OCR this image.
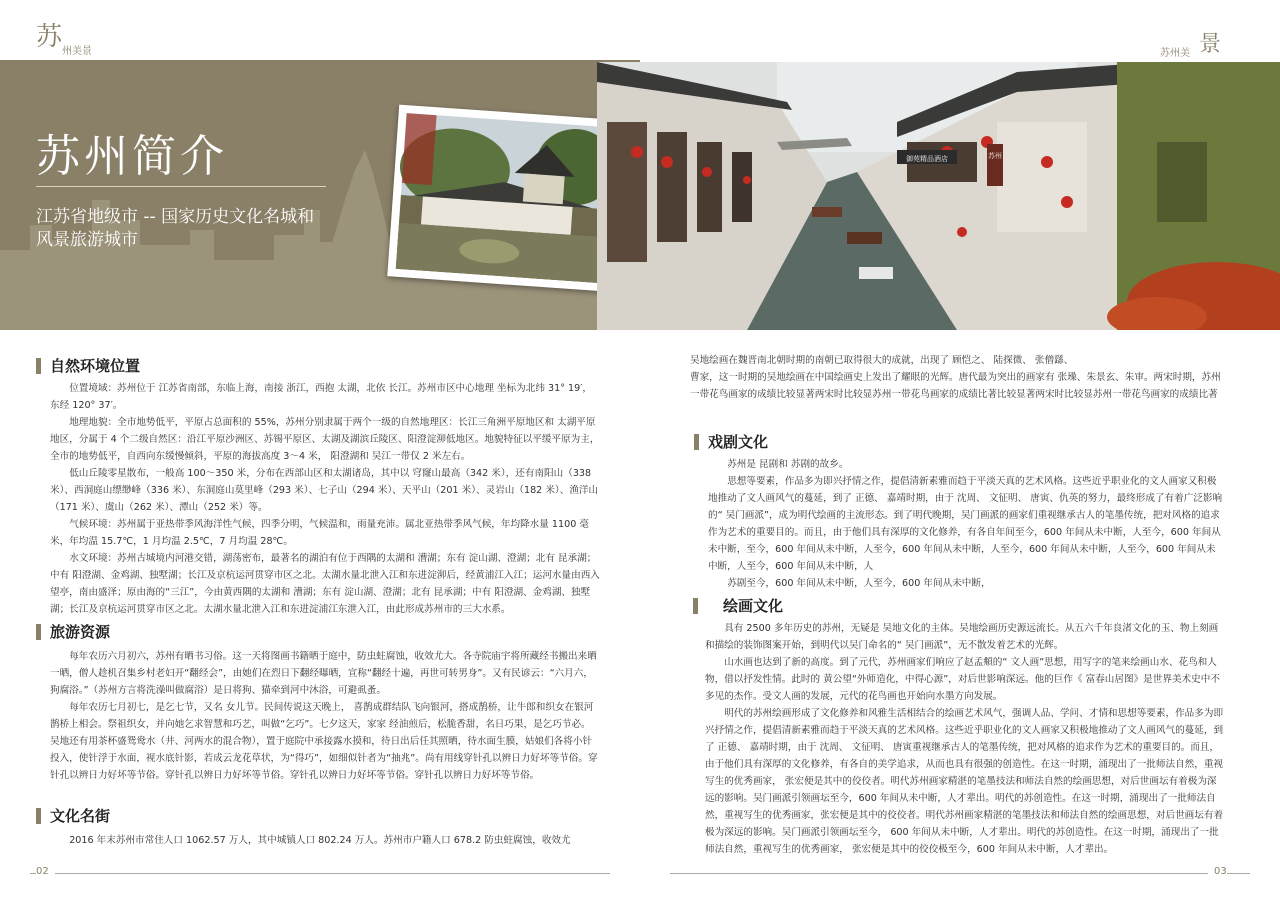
苏 州美景	苏州美 景
苏州简介
江苏省地级市 -- 国家历史文化名城和风景旅游城市
御苑精品酒店	苏州
自然环境位置

位置境域：苏州位于 江苏省南部，东临上海，南接 浙江，西抱 太湖，北依 长江。苏州市区中心地理 坐标为北纬 31° 19′，东经 120° 37′。

地理地貌：全市地势低平，平原占总面积的 55%，苏州分别隶属于两个一级的自然地理区：长江三角洲平原地区和 太湖平原地区，分属于 4 个二级自然区：沿江平原沙洲区、苏锡平原区、太湖及湖滨丘陵区、阳澄淀泖低地区。地貌特征以平缓平原为主，全市的地势低平，自西向东缓慢倾斜，平原的海拔高度 3～4 米， 阳澄湖和 吴江一带仅 2 米左右。

低山丘陵零星散布，一般高 100～350 米，分布在西部山区和太湖诸岛，其中以 穹窿山最高（342 米），还有南阳山（338 米）、西洞庭山缥缈峰（336 米）、东洞庭山莫里峰（293 米）、七子山（294 米）、天平山（201 米）、灵岩山（182 米）、渔洋山（171 米）、虞山（262 米）、潭山（252 米）等。

气候环境：苏州属于亚热带季风海洋性气候，四季分明，气候温和，雨量充沛。属北亚热带季风气候，年均降水量 1100 毫米，年均温 15.7℃，1 月均温 2.5℃，7 月均温 28℃。

水文环境：苏州古城境内河港交错，湖荡密布，最著名的湖泊有位于西隅的太湖和 漕湖；东有 淀山湖、澄湖；北有 昆承湖；中有 阳澄湖、金鸡湖、独墅湖；长江及京杭运河贯穿市区之北。太湖水量北泄入江和东进淀泖后，经黄浦江入江；运河水量由西入望亭，南由盛泽；原由海的“三江”，今由黄西隅的太湖和 漕湖；东有 淀山湖、澄湖；北有 昆承湖；中有 阳澄湖、金鸡湖、独墅湖；长江及京杭运河贯穿市区之北。太湖水量北泄入江和东进淀浦江东泄入江，由此形成苏州市的三大水系。

旅游资源

每年农历六月初六，苏州有晒书习俗。这一天将图画书籍晒于庭中，防虫蛀腐蚀，收效尤大。各寺院庙宇将所藏经书搬出来晒一晒，僧人趁机召集乡村老妇开“翻经会”，由她们在烈日下翻经曝晒，宣称“翻经十遍，再世可转男身”。又有民谚云：“六月六，狗腐浴。”（苏州方言将洗澡叫做腐浴）是日将狗、猫牵到河中沐浴，可避虱蚤。

每年农历七月初七，是乞七节，又名 女儿节。民间传说这天晚上， 喜鹊成群结队飞向银河，搭成鹊桥，让牛郎和织女在银河鹊桥上相会。祭祖织女，并向她乞求智慧和巧艺，叫做“乞巧”。七夕这天，家家 经油煎后，松脆香甜，名日巧果，是乞巧节必。 吴地还有用茶杯盛鸳鸯水（井、河两水的混合物），置于庭院中承接露水摸和，待日出后任其照晒，待水面生膜，姑娘们各将小针投入，使针浮于水面，视水底针影，若成云龙花草状，为“得巧”，如细似针者为“抽兆”。尚有用线穿针孔以辨日力好坏等节俗。穿针孔以辨日力好坏等节俗。穿针孔以辨日力好坏等节俗。穿针孔以辨日力好坏等节俗。穿针孔以辨日力好坏等节俗。

文化名街

2016 年末苏州市常住人口 1062.57 万人，其中城镇人口 802.24 万人。苏州市户籍人口 678.2 防虫蛀腐蚀，收效尤

吴地绘画在魏晋南北朝时期的南朝已取得很大的成就，出现了 顾恺之、 陆探微、 张僧繇、

曹家，这一时期的吴地绘画在中国绘画史上发出了耀眼的光辉。唐代最为突出的画家有 张璪、朱景玄、朱审。两宋时期，苏州一带花鸟画家的成绩比较显著两宋时比较显苏州一带花鸟画家的成绩比著比较显著两宋时比较显苏州一带花鸟画家的成绩比著

戏剧文化

苏州是 昆剧和 苏剧的故乡。

思想等要素，作品多为即兴抒情之作，提倡清新素雅而趋于平淡天真的艺术风格。这些近乎职业化的文人画家又积极地推动了文人画风气的蔓延，到了 正德、 嘉靖时期，由于 沈周、 文征明、 唐寅、仇英的努力，最终形成了有着广泛影响的“ 吴门画派”，成为明代绘画的主流形态。到了明代晚期，吴门画派的画家们重视继承古人的笔墨传统，把对风格的追求作为艺术的重要目的。而且，由于他们具有深厚的文化修养，有各自年间至今，600 年间从未中断，人至今，600 年间从未中断，至今，600 年间从未中断，人至今，600 年间从未中断，人至今，600 年间从未中断，人至今，600 年间从未中断，人至今，600 年间从未中断，人

苏剧至今，600 年间从未中断，人至今，600 年间从未中断，

绘画文化

具有 2500 多年历史的苏州，无疑是 吴地文化的主体。吴地绘画历史源远流长。从五六千年良渚文化的玉、物上刻画和描绘的装饰图案开始，到明代以吴门命名的“ 吴门画派”，无不散发着艺术的光辉。

山水画也达到了新的高度。到了元代，苏州画家们响应了赵孟頫的“ 文人画”思想，用写字的笔来绘画山水、花鸟和人物，借以抒发性情。此时的 黄公望“外师造化，中得心源”，对后世影响深远。他的巨作《 富春山居图》是世界美术史中不多见的杰作。受文人画的发展，元代的花鸟画也开始向水墨方向发展。

明代的苏州绘画形成了文化修养和风雅生活相结合的绘画艺术风气，强调人品、学问、才情和思想等要素，作品多为即兴抒情之作，提倡清新素雅而趋于平淡天真的艺术风格。这些近乎职业化的文人画家又积极地推动了文人画风气的蔓延，到了 正德、 嘉靖时期，由于 沈周、 文征明、 唐寅重视继承古人的笔墨传统，把对风格的追求作为艺术的重要目的。而且，由于他们具有深厚的文化修养，有各自的美学追求，从而也具有很强的创造性。在这一时期，涌现出了一批师法自然，重视写生的优秀画家， 张宏便是其中的佼佼者。明代苏州画家精湛的笔墨技法和师法自然的绘画思想，对后世画坛有着极为深远的影响。吴门画派引领画坛至今，600 年间从未中断，人才辈出。明代的苏创造性。在这一时期，涌现出了一批师法自然，重视写生的优秀画家，张宏便是其中的佼佼者。明代苏州画家精湛的笔墨技法和师法自然的绘画思想，对后世画坛有着极为深远的影响。吴门画派引领画坛至今， 600 年间从未中断，人才辈出。明代的苏创造性。在这一时期，涌现出了一批师法自然，重视写生的优秀画家， 张宏便是其中的佼佼极至今，600 年间从未中断，人才辈出。

02	03
